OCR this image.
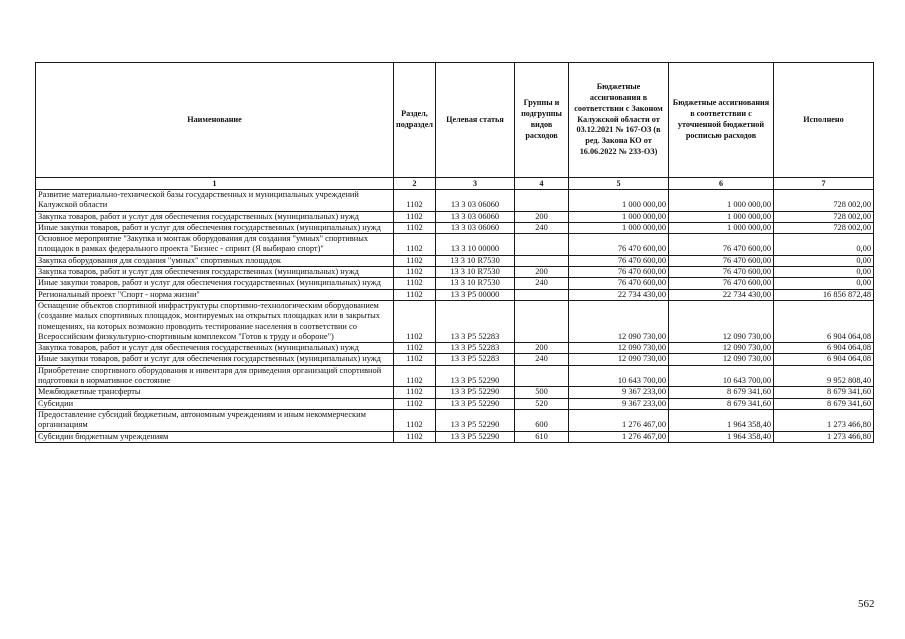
Наименование	Раздел, подраздел	Целевая статья	Группы и подгруппы видов расходов	Бюджетные ассигнования в соответствии с Законом Калужской области от 03.12.2021 № 167-ОЗ (в ред. Закона КО от 16.06.2022 № 233-ОЗ)	Бюджетные ассигнования в соответствии с уточненной бюджетной росписью расходов	Исполнено
1	2	3	4	5	6	7
Развитие материально-технической базы государственных и муниципальных учреждений Калужской области	1102	13 3 03 06060		1 000 000,00	1 000 000,00	728 002,00
Закупка товаров, работ и услуг для обеспечения государственных (муниципальных) нужд	1102	13 3 03 06060	200	1 000 000,00	1 000 000,00	728 002,00
Иные закупки товаров, работ и услуг для обеспечения государственных (муниципальных) нужд	1102	13 3 03 06060	240	1 000 000,00	1 000 000,00	728 002,00
Основное мероприятие "Закупка и монтаж оборудования для создания "умных" спортивных площадок в рамках федерального проекта "Бизнес - спринт (Я выбираю спорт)"	1102	13 3 10 00000		76 470 600,00	76 470 600,00	0,00
Закупка оборудования для создания "умных" спортивных площадок	1102	13 3 10 R7530		76 470 600,00	76 470 600,00	0,00
Закупка товаров, работ и услуг для обеспечения государственных (муниципальных) нужд	1102	13 3 10 R7530	200	76 470 600,00	76 470 600,00	0,00
Иные закупки товаров, работ и услуг для обеспечения государственных (муниципальных) нужд	1102	13 3 10 R7530	240	76 470 600,00	76 470 600,00	0,00
Региональный проект "Спорт - норма жизни"	1102	13 3 P5 00000		22 734 430,00	22 734 430,00	16 856 872,48
Оснащение объектов спортивной инфраструктуры спортивно-технологическим оборудованием (создание малых спортивных площадок, монтируемых на открытых площадках или в закрытых помещениях, на которых возможно проводить тестирование населения в соответствии со Всероссийским физкультурно-спортивным комплексом "Готов к труду и обороне")	1102	13 3 P5 52283		12 090 730,00	12 090 730,00	6 904 064,08
Закупка товаров, работ и услуг для обеспечения государственных (муниципальных) нужд	1102	13 3 P5 52283	200	12 090 730,00	12 090 730,00	6 904 064,08
Иные закупки товаров, работ и услуг для обеспечения государственных (муниципальных) нужд	1102	13 3 P5 52283	240	12 090 730,00	12 090 730,00	6 904 064,08
Приобретение спортивного оборудования и инвентаря для приведения организаций спортивной подготовки в нормативное состояние	1102	13 3 P5 52290		10 643 700,00	10 643 700,00	9 952 808,40
Межбюджетные трансферты	1102	13 3 P5 52290	500	9 367 233,00	8 679 341,60	8 679 341,60
Субсидии	1102	13 3 P5 52290	520	9 367 233,00	8 679 341,60	8 679 341,60
Предоставление субсидий бюджетным, автономным учреждениям и иным некоммерческим организациям	1102	13 3 P5 52290	600	1 276 467,00	1 964 358,40	1 273 466,80
Субсидии бюджетным учреждениям	1102	13 3 P5 52290	610	1 276 467,00	1 964 358,40	1 273 466,80
562
